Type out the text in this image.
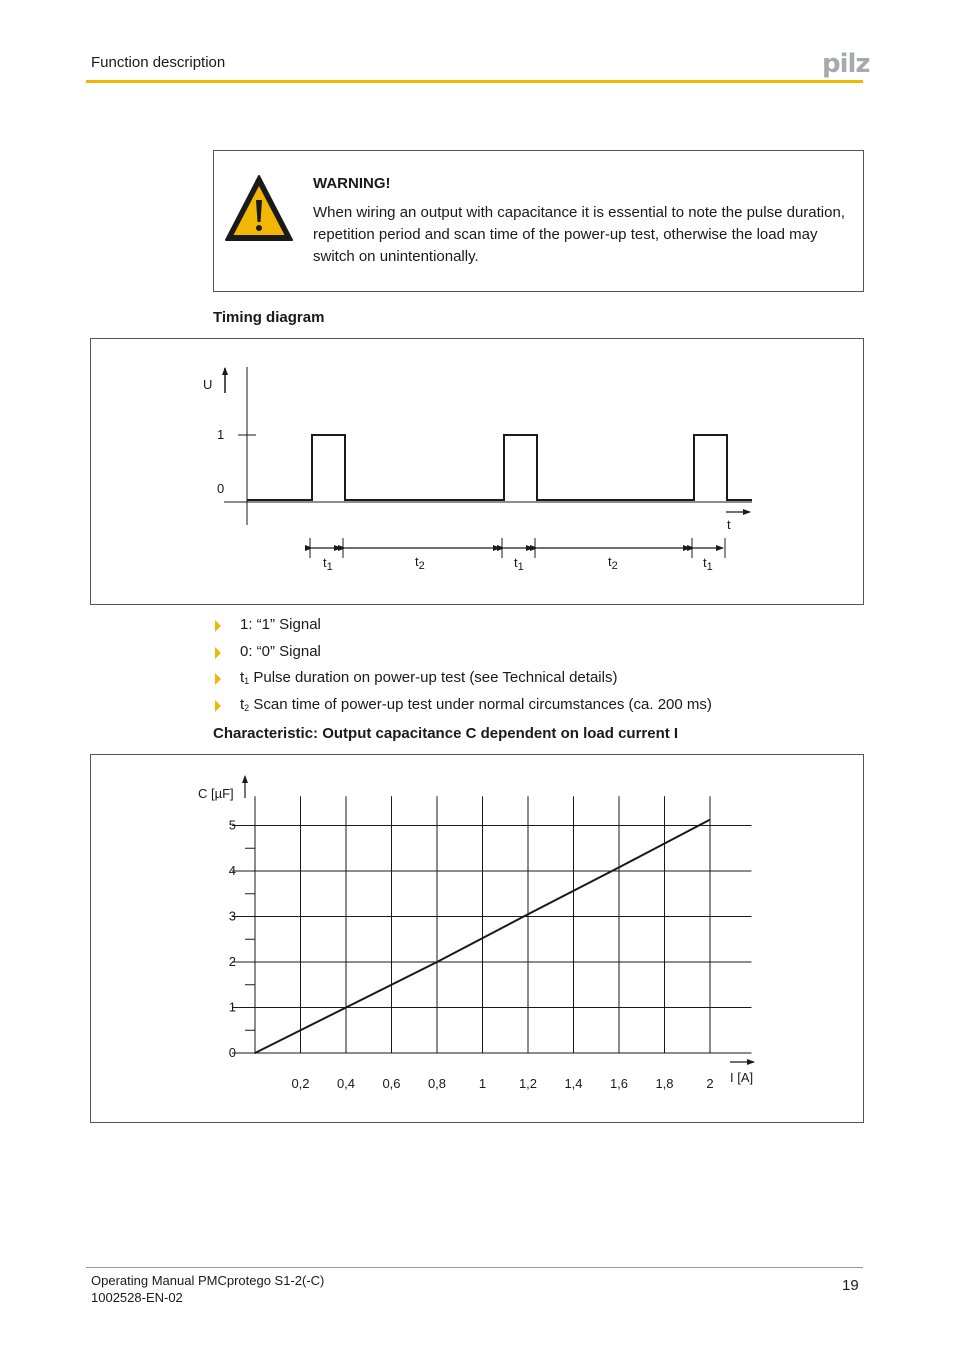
Function description	pilz
WARNING!
When wiring an output with capacitance it is essential to note the pulse duration, repetition period and scan time of the power-up test, otherwise the load may switch on unintentionally.
Timing diagram
U
1
0
t
$t_1$	$t_2$	$t_1$	$t_2$	$t_1$
1: “1” Signal
0: “0” Signal
$t_1$ Pulse duration on power-up test (see Technical details)
$t_2$ Scan time of power-up test under normal circumstances (ca. 200 ms)
Characteristic: Output capacitance C dependent on load current I
C [µF]
I [A]
0
1
2
3
4
5
0,2 0,4 0,6 0,8	1	1,2 1,4 1,6 1,8	2
Operating Manual PMCprotego S1-2(-C)
1002528-EN-02
19
